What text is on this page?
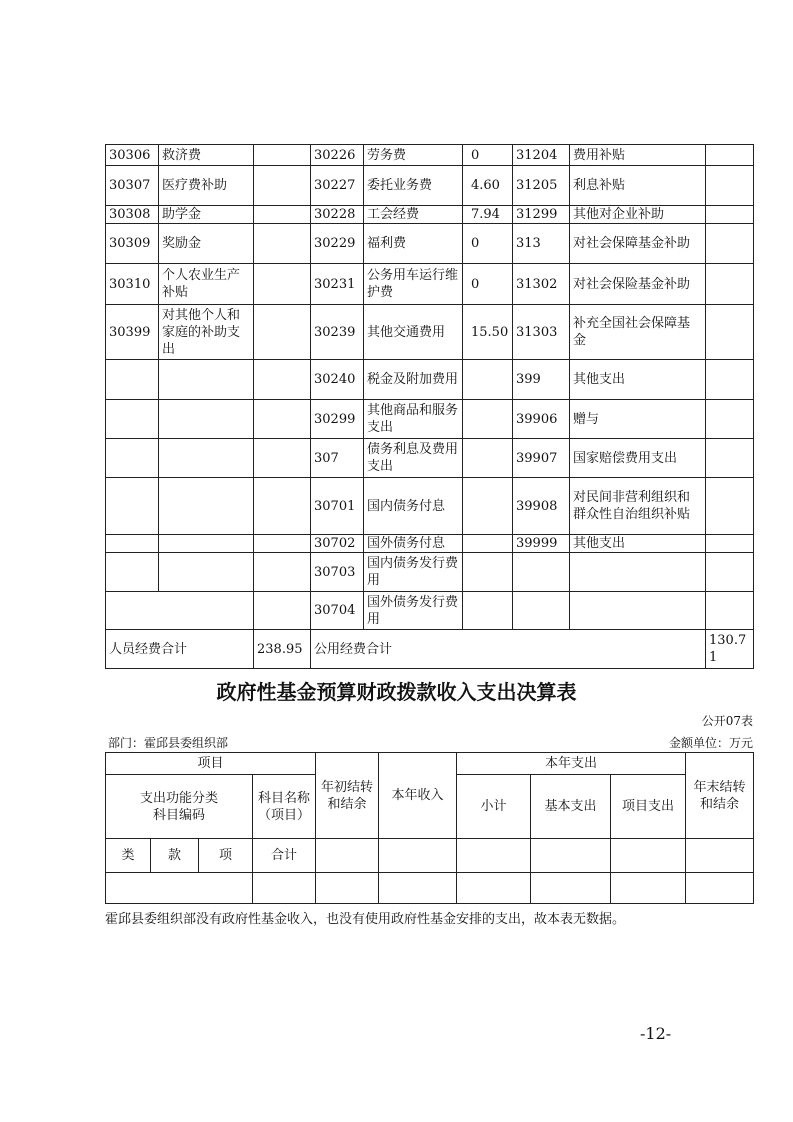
30306	救济费		30226	劳务费	0	31204	费用补贴	
30307	医疗费补助		30227	委托业务费	4.60	31205	利息补贴	
30308	助学金		30228	工会经费	7.94	31299	其他对企业补助	
30309	奖励金		30229	福利费	0	313	对社会保障基金补助	
30310	个人农业生产补贴		30231	公务用车运行维护费	0	31302	对社会保险基金补助	
30399	对其他个人和家庭的补助支出		30239	其他交通费用	15.50	31303	补充全国社会保障基金	
			30240	税金及附加费用		399	其他支出	
			30299	其他商品和服务支出		39906	赠与	
			307	债务利息及费用支出		39907	国家赔偿费用支出	
			30701	国内债务付息		39908	对民间非营利组织和群众性自治组织补贴	
			30702	国外债务付息		39999	其他支出	
			30703	国内债务发行费用				
			30704	国外债务发行费用				
人员经费合计		238.95	公用经费合计					130.71
政府性基金预算财政拨款收入支出决算表
公开07表
部门：霍邱县委组织部	金额单位：万元
项目				年初结转和结余	本年收入	本年支出			年末结转和结余
支出功能分类科目编码			科目名称（项目）			小计	基本支出	项目支出	
类	款	项	合计						

霍邱县委组织部没有政府性基金收入，也没有使用政府性基金安排的支出，故本表无数据。
-12-
